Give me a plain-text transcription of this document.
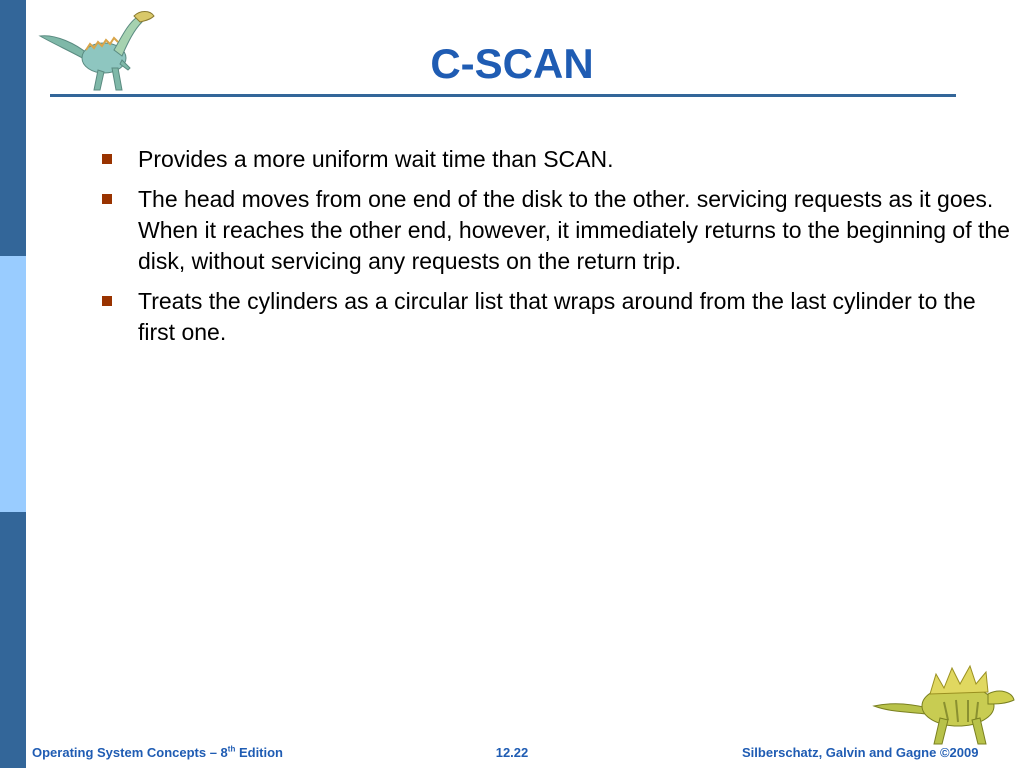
C-SCAN
Provides a more uniform wait time than SCAN.
The head moves from one end of the disk to the other. servicing requests as it goes.  When it reaches the other end, however, it immediately returns to the beginning of the disk, without servicing any requests on the return trip.
Treats the cylinders as a circular list that wraps around from the last cylinder to the first one.
Operating System Concepts – 8th Edition	12.22	Silberschatz, Galvin and Gagne ©2009
